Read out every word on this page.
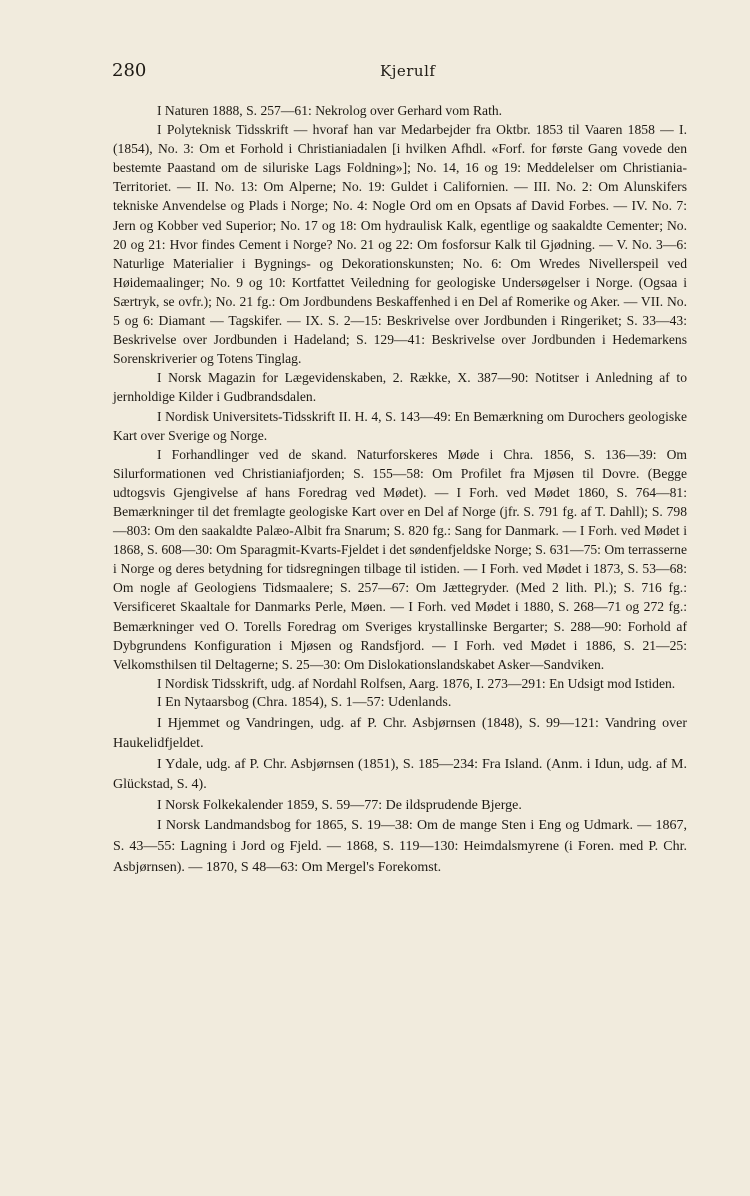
280	Kjerulf

I Naturen 1888, S. 257—61: Nekrolog over Gerhard vom Rath.

I Polyteknisk Tidsskrift — hvoraf han var Medarbejder fra Oktbr. 1853 til Vaaren 1858 — I. (1854), No. 3: Om et Forhold i Christianiadalen [i hvilken Afhdl. «Forf. for første Gang vovede den bestemte Paastand om de siluriske Lags Foldning»]; No. 14, 16 og 19: Meddelelser om Christiania-Territoriet. — II. No. 13: Om Alperne; No. 19: Guldet i Californien. — III. No. 2: Om Alunskifers tekniske Anvendelse og Plads i Norge; No. 4: Nogle Ord om en Opsats af David Forbes. — IV. No. 7: Jern og Kobber ved Superior; No. 17 og 18: Om hydraulisk Kalk, egentlige og saakaldte Cementer; No. 20 og 21: Hvor findes Cement i Norge? No. 21 og 22: Om fosforsur Kalk til Gjødning. — V. No. 3—6: Naturlige Materialier i Bygnings- og Dekorationskunsten; No. 6: Om Wredes Nivellerspeil ved Høidemaalinger; No. 9 og 10: Kortfattet Veiledning for geologiske Undersøgelser i Norge. (Ogsaa i Særtryk, se ovfr.); No. 21 fg.: Om Jordbundens Beskaffenhed i en Del af Romerike og Aker. — VII. No. 5 og 6: Diamant — Tagskifer. — IX. S. 2—15: Beskrivelse over Jordbunden i Ringeriket; S. 33—43: Beskrivelse over Jordbunden i Hadeland; S. 129—41: Beskrivelse over Jordbunden i Hedemarkens Sorenskriverier og Totens Tinglag.

I Norsk Magazin for Lægevidenskaben, 2. Række, X. 387—90: Notitser i Anledning af to jernholdige Kilder i Gudbrandsdalen.

I Nordisk Universitets-Tidsskrift II. H. 4, S. 143—49: En Bemærkning om Durochers geologiske Kart over Sverige og Norge.

I Forhandlinger ved de skand. Naturforskeres Møde i Chra. 1856, S. 136—39: Om Silurformationen ved Christianiafjorden; S. 155—58: Om Profilet fra Mjøsen til Dovre. (Begge udtogsvis Gjengivelse af hans Foredrag ved Mødet). — I Forh. ved Mødet 1860, S. 764—81: Bemærkninger til det fremlagte geologiske Kart over en Del af Norge (jfr. S. 791 fg. af T. Dahll); S. 798—803: Om den saakaldte Palæo-Albit fra Snarum; S. 820 fg.: Sang for Danmark. — I Forh. ved Mødet i 1868, S. 608—30: Om Sparagmit-Kvarts-Fjeldet i det søndenfjeldske Norge; S. 631—75: Om terrasserne i Norge og deres betydning for tidsregningen tilbage til istiden. — I Forh. ved Mødet i 1873, S. 53—68: Om nogle af Geologiens Tidsmaalere; S. 257—67: Om Jættegryder. (Med 2 lith. Pl.); S. 716 fg.: Versificeret Skaaltale for Danmarks Perle, Møen. — I Forh. ved Mødet i 1880, S. 268—71 og 272 fg.: Bemærkninger ved O. Torells Foredrag om Sveriges krystallinske Bergarter; S. 288—90: Forhold af Dybgrundens Konfiguration i Mjøsen og Randsfjord. — I Forh. ved Mødet i 1886, S. 21—25: Velkomsthilsen til Deltagerne; S. 25—30: Om Dislokationslandskabet Asker—Sandviken.

I Nordisk Tidsskrift, udg. af Nordahl Rolfsen, Aarg. 1876, I. 273—291: En Udsigt mod Istiden.

I En Nytaarsbog (Chra. 1854), S. 1—57: Udenlands.

I Hjemmet og Vandringen, udg. af P. Chr. Asbjørnsen (1848), S. 99—121: Vandring over Haukelidfjeldet.

I Ydale, udg. af P. Chr. Asbjørnsen (1851), S. 185—234: Fra Island. (Anm. i Idun, udg. af M. Glückstad, S. 4).

I Norsk Folkekalender 1859, S. 59—77: De ildsprudende Bjerge.

I Norsk Landmandsbog for 1865, S. 19—38: Om de mange Sten i Eng og Udmark. — 1867, S. 43—55: Lagning i Jord og Fjeld. — 1868, S. 119—130: Heimdalsmyrene (i Foren. med P. Chr. Asbjørnsen). — 1870, S 48—63: Om Mergel's Forekomst.
